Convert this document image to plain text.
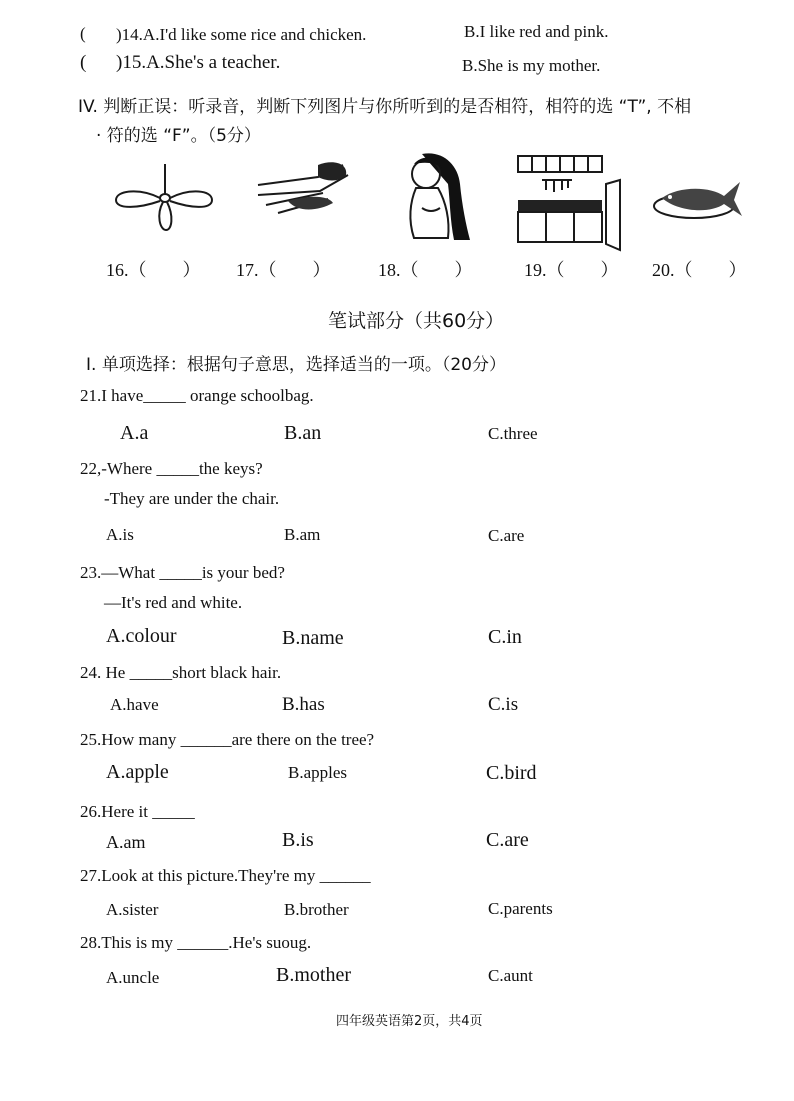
( )14.A.I'd like some rice and chicken.	B.I like red and pink.
( )15.A.She's a teacher.	B.She is my mother.
IV. 判断正误：听录音，判断下列图片与你所听到的是否相符，相符的选 “T”, 不相
· 符的选 “F”。（5分）
16.（　　） 17.（　　）	18.（　　）	19.（　　） 20.（　　）
笔试部分（共60分）
I. 单项选择：根据句子意思，选择适当的一项。（20分）
21.I have_____ orange schoolbag.
A.a	B.an	C.three
22,-Where _____the keys?
-They are under the chair.
A.is	B.am	C.are
23.—What _____is your bed?
—It's red and white.
A.colour	B.name	C.in
24. He _____short black hair.
A.have	B.has	C.is
25.How many ______are there on the tree?
A.apple	B.apples	C.bird
26.Here it _____
A.am	B.is	C.are
27.Look at this picture.They're my ______
A.sister	B.brother	C.parents
28.This is my ______.He's suoug.
A.uncle	B.mother	C.aunt
四年级英语第2页，共4页
